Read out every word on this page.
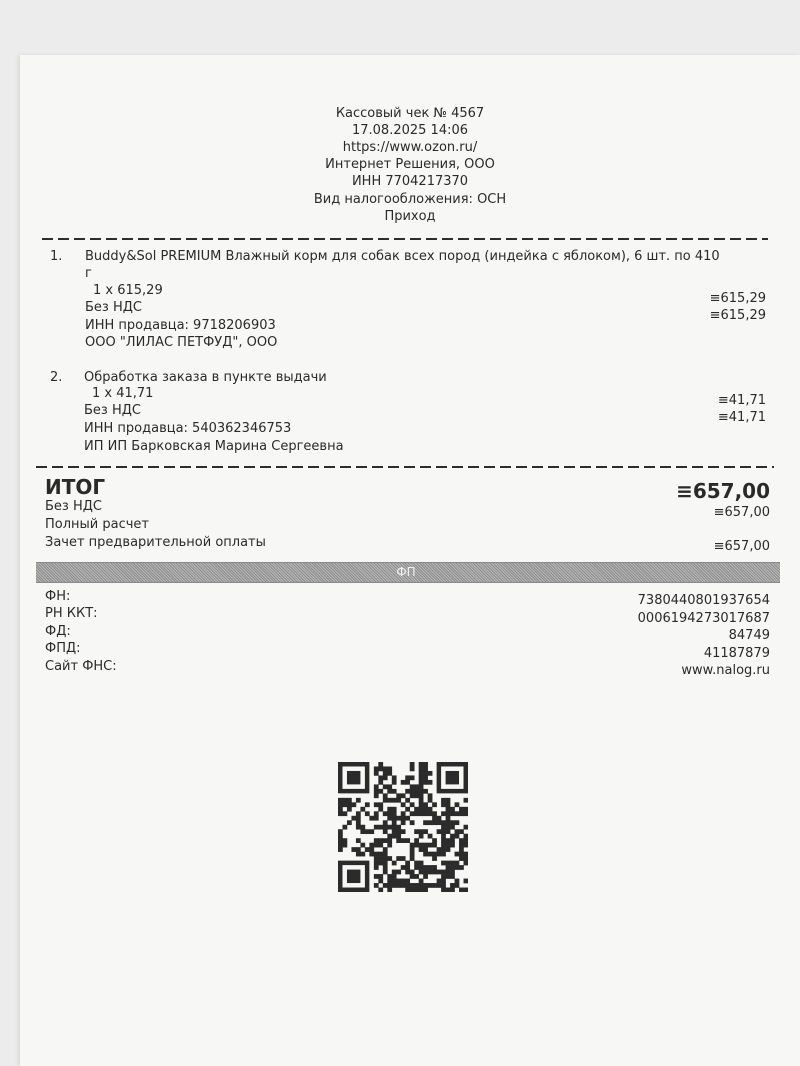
Кассовый чек № 4567
17.08.2025 14:06
https://www.ozon.ru/
Интернет Решения, ООО
ИНН 7704217370
Вид налогообложения: ОСН
Приход
1. Buddy&Sol PREMIUM Влажный корм для собак всех пород (индейка с яблоком), 6 шт. по 410
г
1 x 615,29
Без НДС
ИНН продавца: 9718206903
ООО "ЛИЛАС ПЕТФУД", ООО
≡615,29
≡615,29
2. Обработка заказа в пункте выдачи
1 x 41,71
Без НДС
ИНН продавца: 540362346753
ИП ИП Барковская Марина Сергеевна
≡41,71
≡41,71
ИТОГ	≡657,00
Без НДС	≡657,00
Полный расчет
Зачет предварительной оплаты	≡657,00
ФП
ФН:	7380440801937654
РН ККТ:	0006194273017687
ФД:	84749
ФПД:	41187879
Сайт ФНС:	www.nalog.ru
